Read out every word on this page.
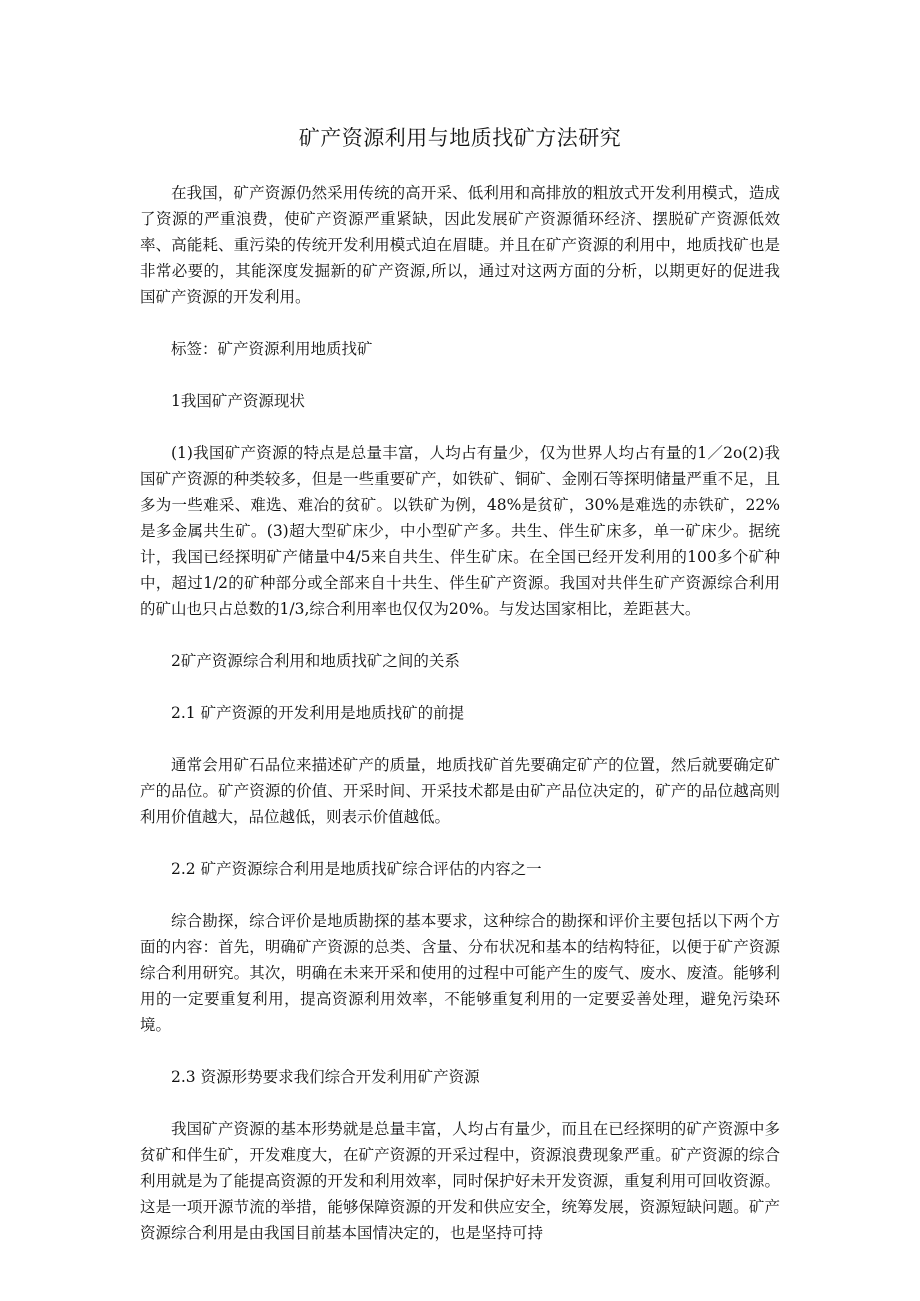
矿产资源利用与地质找矿方法研究

在我国，矿产资源仍然采用传统的高开采、低利用和高排放的粗放式开发利用模式，造成了资源的严重浪费，使矿产资源严重紧缺，因此发展矿产资源循环经济、摆脱矿产资源低效率、高能耗、重污染的传统开发利用模式迫在眉睫。并且在矿产资源的利用中，地质找矿也是非常必要的，其能深度发掘新的矿产资源,所以，通过对这两方面的分析，以期更好的促进我国矿产资源的开发利用。

标签：矿产资源利用地质找矿

1我国矿产资源现状

(1)我国矿产资源的特点是总量丰富，人均占有量少，仅为世界人均占有量的1／2o(2)我国矿产资源的种类较多，但是一些重要矿产，如铁矿、铜矿、金刚石等探明储量严重不足，且多为一些难采、难选、难冶的贫矿。以铁矿为例，48%是贫矿，30%是难选的赤铁矿，22%是多金属共生矿。(3)超大型矿床少，中小型矿产多。共生、伴生矿床多，单一矿床少。据统计，我国已经探明矿产储量中4/5来自共生、伴生矿床。在全国已经开发利用的100多个矿种中，超过1/2的矿种部分或全部来自十共生、伴生矿产资源。我国对共伴生矿产资源综合利用的矿山也只占总数的1/3,综合利用率也仅仅为20%。与发达国家相比，差距甚大。

2矿产资源综合利用和地质找矿之间的关系

2.1 矿产资源的开发利用是地质找矿的前提

通常会用矿石品位来描述矿产的质量，地质找矿首先要确定矿产的位置，然后就要确定矿产的品位。矿产资源的价值、开采时间、开采技术都是由矿产品位决定的，矿产的品位越高则利用价值越大，品位越低，则表示价值越低。

2.2 矿产资源综合利用是地质找矿综合评估的内容之一

综合勘探，综合评价是地质勘探的基本要求，这种综合的勘探和评价主要包括以下两个方面的内容：首先，明确矿产资源的总类、含量、分布状况和基本的结构特征，以便于矿产资源综合利用研究。其次，明确在未来开采和使用的过程中可能产生的废气、废水、废渣。能够利用的一定要重复利用，提高资源利用效率，不能够重复利用的一定要妥善处理，避免污染环境。

2.3 资源形势要求我们综合开发利用矿产资源

我国矿产资源的基本形势就是总量丰富，人均占有量少，而且在已经探明的矿产资源中多贫矿和伴生矿，开发难度大，在矿产资源的开采过程中，资源浪费现象严重。矿产资源的综合利用就是为了能提高资源的开发和利用效率，同时保护好未开发资源，重复利用可回收资源。这是一项开源节流的举措，能够保障资源的开发和供应安全，统筹发展，资源短缺问题。矿产资源综合利用是由我国目前基本国情决定的，也是坚持可持
